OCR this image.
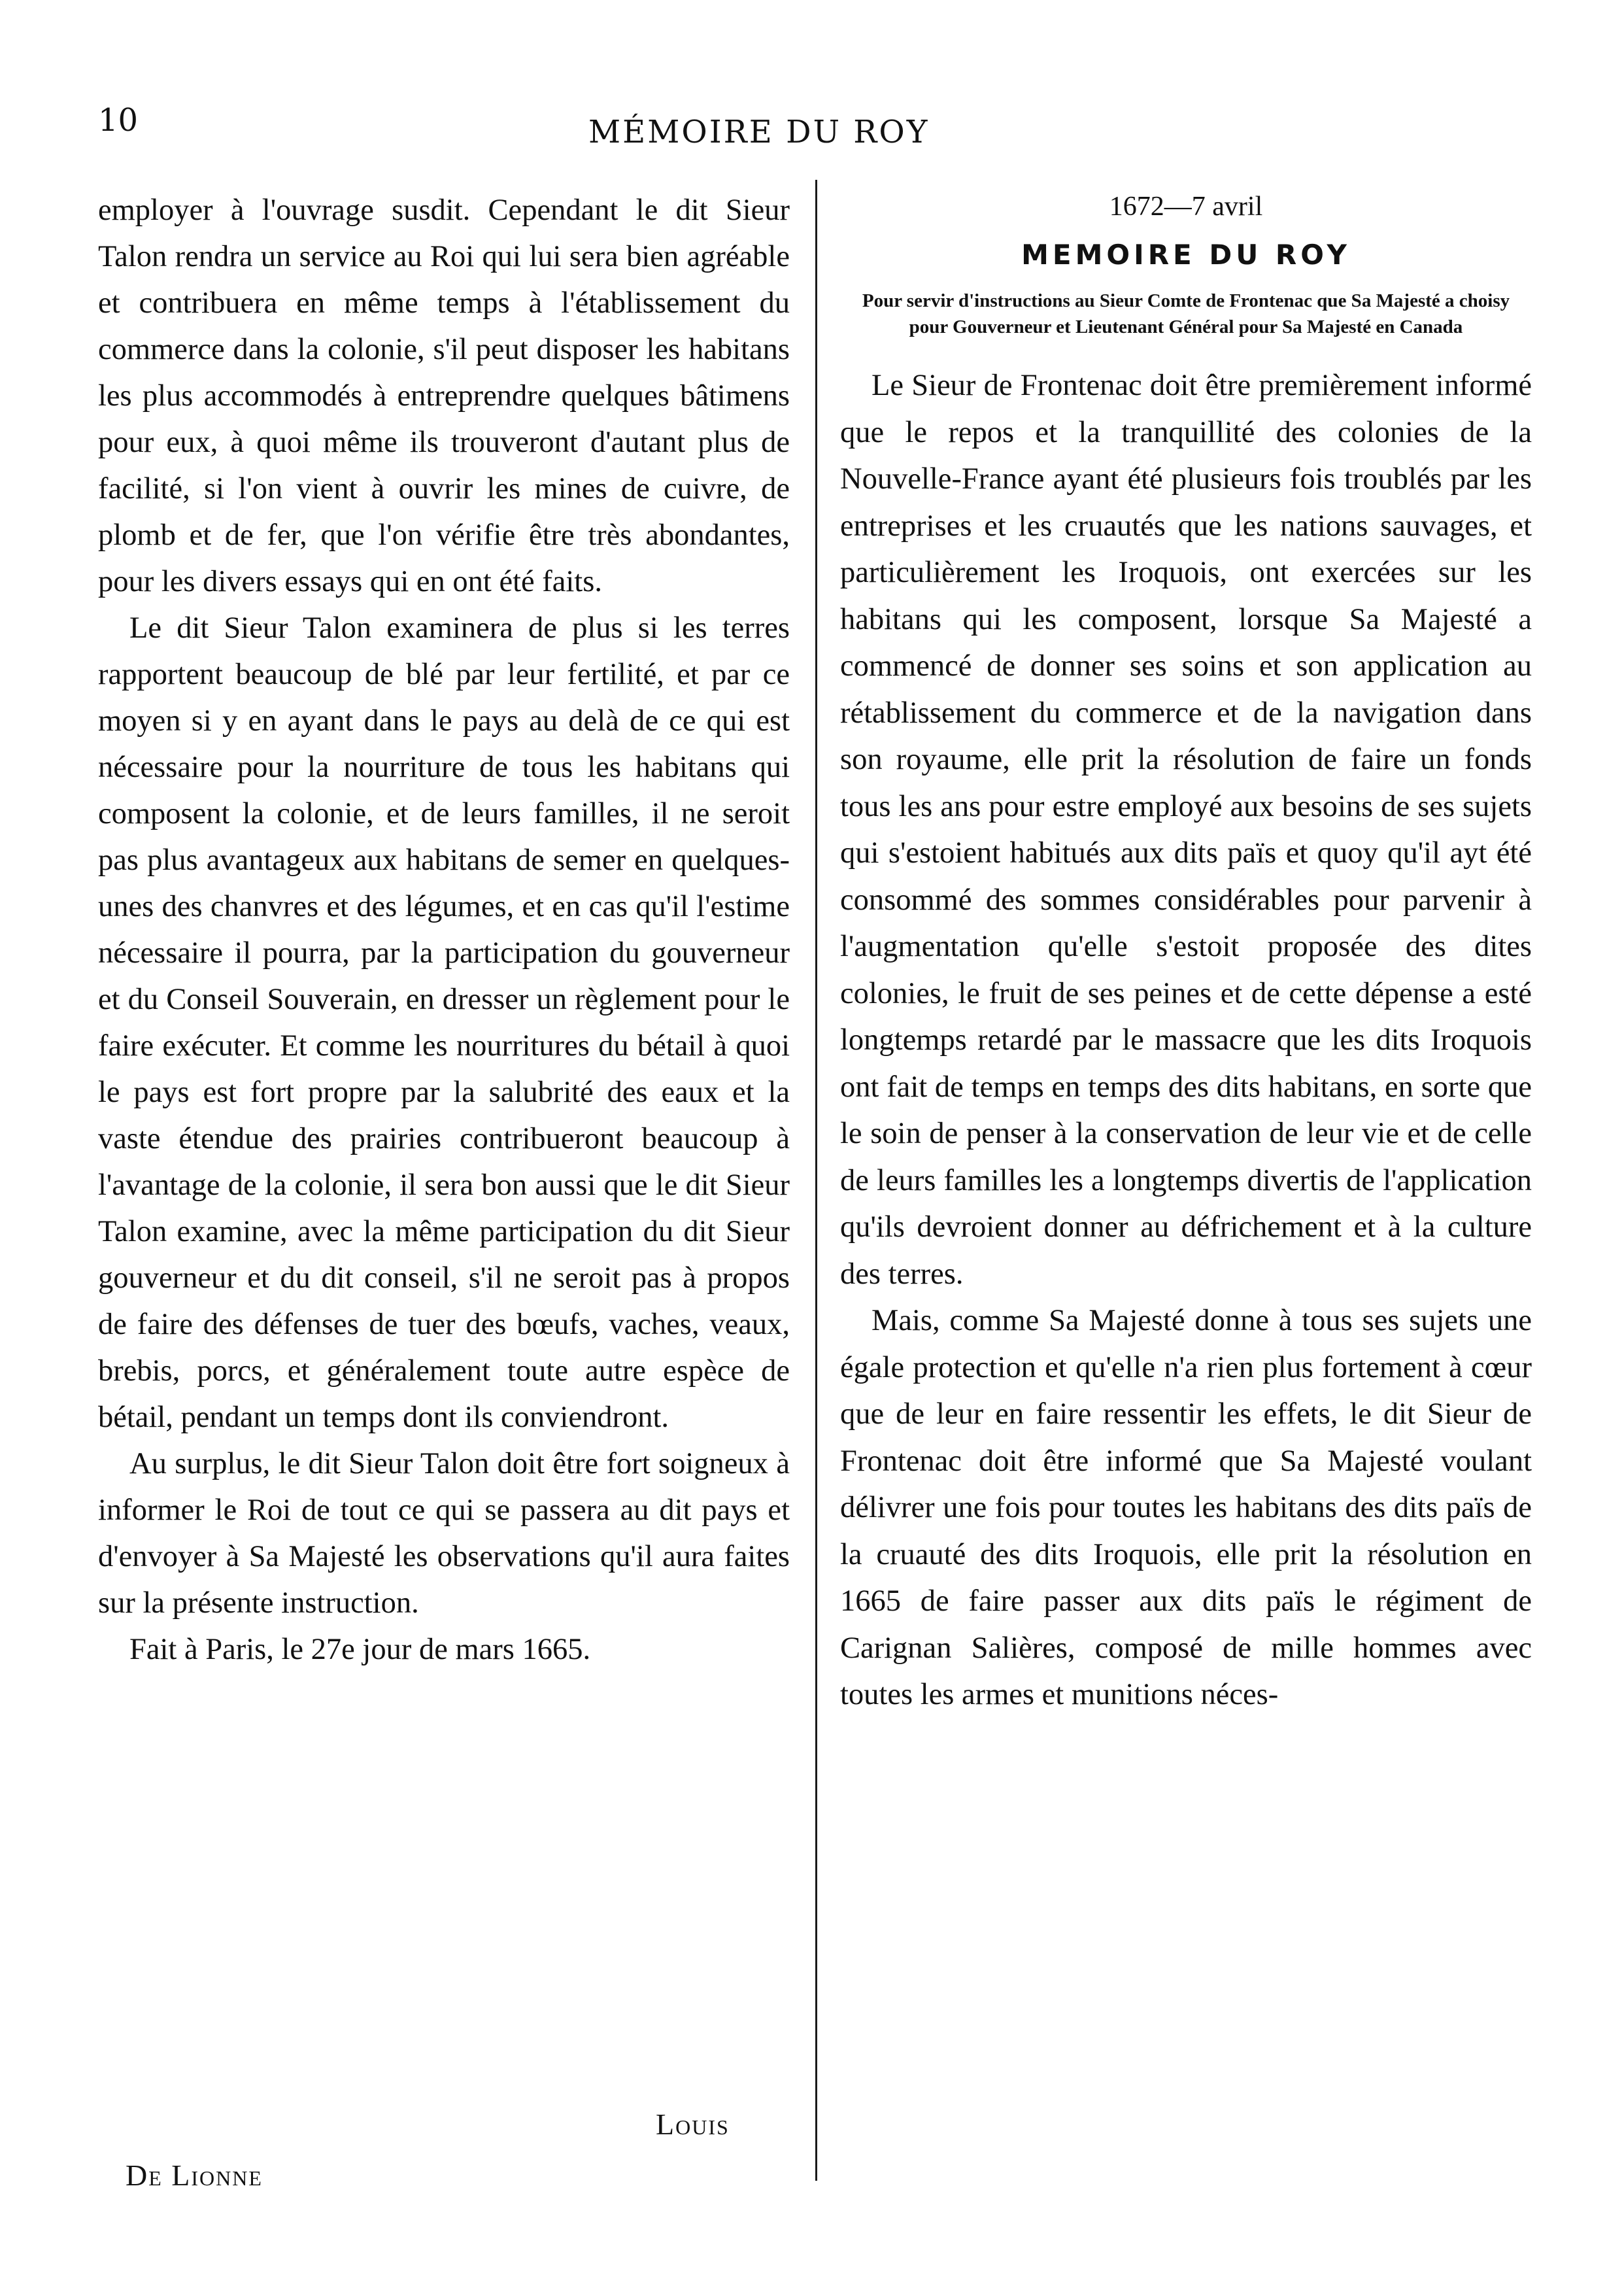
10	MÉMOIRE DU ROY

employer à l'ouvrage susdit. Cependant le dit Sieur Talon rendra un service au Roi qui lui sera bien agréable et contribuera en même temps à l'établissement du commerce dans la colonie, s'il peut disposer les habitans les plus accommodés à entreprendre quelques bâtimens pour eux, à quoi même ils trouveront d'autant plus de facilité, si l'on vient à ouvrir les mines de cuivre, de plomb et de fer, que l'on vérifie être très abondantes, pour les divers essays qui en ont été faits.

Le dit Sieur Talon examinera de plus si les terres rapportent beaucoup de blé par leur fertilité, et par ce moyen si y en ayant dans le pays au delà de ce qui est nécessaire pour la nourriture de tous les habitans qui composent la colonie, et de leurs familles, il ne seroit pas plus avantageux aux habitans de semer en quelques-unes des chanvres et des légumes, et en cas qu'il l'estime nécessaire il pourra, par la participation du gouverneur et du Conseil Souverain, en dresser un règlement pour le faire exécuter. Et comme les nourritures du bétail à quoi le pays est fort propre par la salubrité des eaux et la vaste étendue des prairies contribueront beaucoup à l'avantage de la colonie, il sera bon aussi que le dit Sieur Talon examine, avec la même participation du dit Sieur gouverneur et du dit conseil, s'il ne seroit pas à propos de faire des défenses de tuer des bœufs, vaches, veaux, brebis, porcs, et généralement toute autre espèce de bétail, pendant un temps dont ils conviendront.

Au surplus, le dit Sieur Talon doit être fort soigneux à informer le Roi de tout ce qui se passera au dit pays et d'envoyer à Sa Majesté les observations qu'il aura faites sur la présente instruction.

Fait à Paris, le 27e jour de mars 1665.

Louis
De Lionne
1672—7 avril
MEMOIRE DU ROY
Pour servir d'instructions au Sieur Comte de Frontenac que Sa Majesté a choisy pour Gouverneur et Lieutenant Général pour Sa Majesté en Canada

Le Sieur de Frontenac doit être premièrement informé que le repos et la tranquillité des colonies de la Nouvelle-France ayant été plusieurs fois troublés par les entreprises et les cruautés que les nations sauvages, et particulièrement les Iroquois, ont exercées sur les habitans qui les composent, lorsque Sa Majesté a commencé de donner ses soins et son application au rétablissement du commerce et de la navigation dans son royaume, elle prit la résolution de faire un fonds tous les ans pour estre employé aux besoins de ses sujets qui s'estoient habitués aux dits païs et quoy qu'il ayt été consommé des sommes considérables pour parvenir à l'augmentation qu'elle s'estoit proposée des dites colonies, le fruit de ses peines et de cette dépense a esté longtemps retardé par le massacre que les dits Iroquois ont fait de temps en temps des dits habitans, en sorte que le soin de penser à la conservation de leur vie et de celle de leurs familles les a longtemps divertis de l'application qu'ils devroient donner au défrichement et à la culture des terres.

Mais, comme Sa Majesté donne à tous ses sujets une égale protection et qu'elle n'a rien plus fortement à cœur que de leur en faire ressentir les effets, le dit Sieur de Frontenac doit être informé que Sa Majesté voulant délivrer une fois pour toutes les habitans des dits païs de la cruauté des dits Iroquois, elle prit la résolution en 1665 de faire passer aux dits païs le régiment de Carignan Salières, composé de mille hommes avec toutes les armes et munitions néces-
